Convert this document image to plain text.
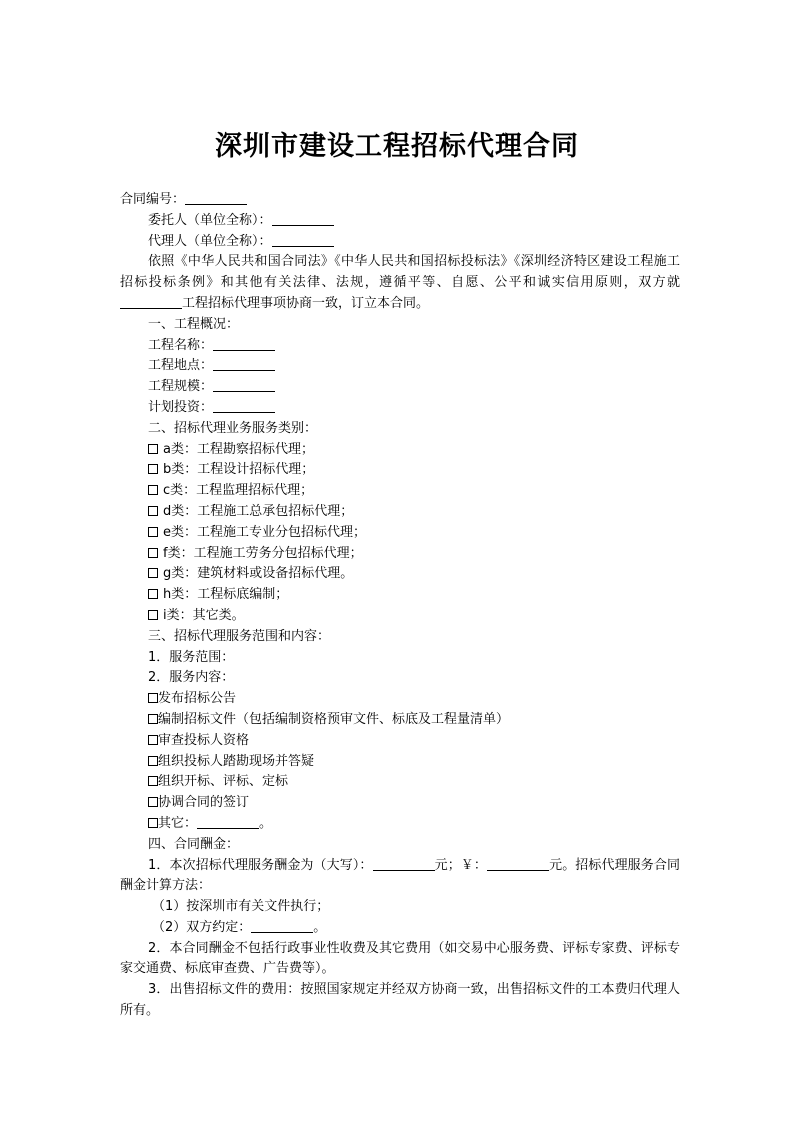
深圳市建设工程招标代理合同

合同编号：

委托人（单位全称）：

代理人（单位全称）：

依照《中华人民共和国合同法》《中华人民共和国招标投标法》《深圳经济特区建设工程施工招标投标条例》和其他有关法律、法规，遵循平等、自愿、公平和诚实信用原则，双方就工程招标代理事项协商一致，订立本合同。

一、工程概况：

工程名称：

工程地点：

工程规模：

计划投资：

二、招标代理业务服务类别：

a类：工程勘察招标代理；

b类：工程设计招标代理；

c类：工程监理招标代理；

d类：工程施工总承包招标代理；

e类：工程施工专业分包招标代理；

f类：工程施工劳务分包招标代理；

g类：建筑材料或设备招标代理。

h类：工程标底编制；

i类：其它类。

三、招标代理服务范围和内容：

1．服务范围：

2．服务内容：

发布招标公告

编制招标文件（包括编制资格预审文件、标底及工程量清单）

审查投标人资格

组织投标人踏勘现场并答疑

组织开标、评标、定标

协调合同的签订

其它：	。

四、合同酬金：

1．本次招标代理服务酬金为（大写）：	元；￥：	元。招标代理服务合同酬金计算方法：

（1）按深圳市有关文件执行；

（2）双方约定：	。

2．本合同酬金不包括行政事业性收费及其它费用（如交易中心服务费、评标专家费、评标专家交通费、标底审查费、广告费等）。

3．出售招标文件的费用：按照国家规定并经双方协商一致，出售招标文件的工本费归代理人所有。
